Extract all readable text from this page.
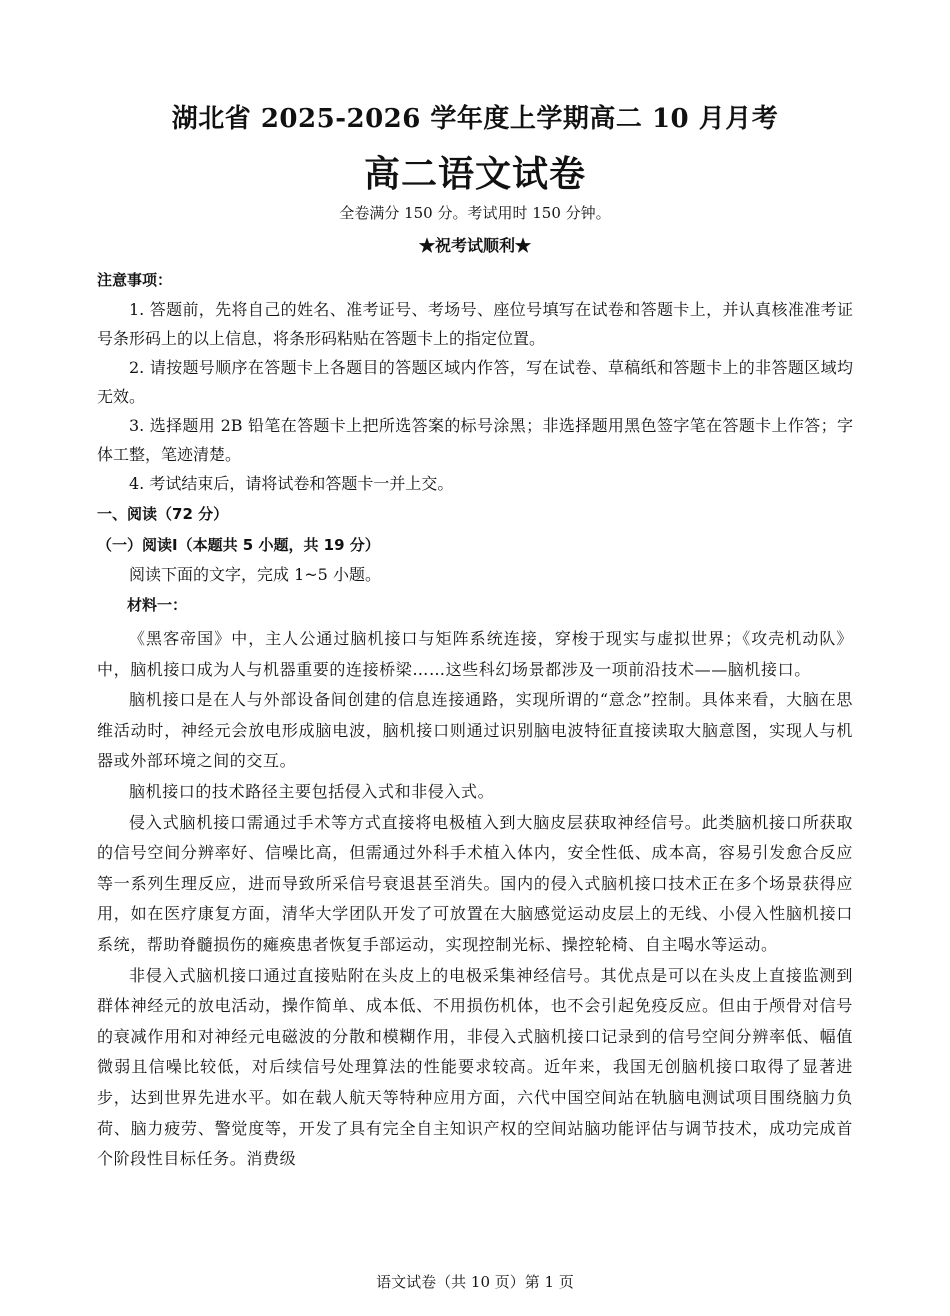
湖北省 2025-2026 学年度上学期高二 10 月月考
高二语文试卷
全卷满分 150 分。考试用时 150 分钟。
★祝考试顺利★

注意事项：

1. 答题前，先将自己的姓名、准考证号、考场号、座位号填写在试卷和答题卡上，并认真核准准考证号条形码上的以上信息，将条形码粘贴在答题卡上的指定位置。

2. 请按题号顺序在答题卡上各题目的答题区域内作答，写在试卷、草稿纸和答题卡上的非答题区域均无效。

3. 选择题用 2B 铅笔在答题卡上把所选答案的标号涂黑；非选择题用黑色签字笔在答题卡上作答；字体工整，笔迹清楚。

4. 考试结束后，请将试卷和答题卡一并上交。

一、阅读（72 分）

（一）阅读Ⅰ（本题共 5 小题，共 19 分）

阅读下面的文字，完成 1~5 小题。

材料一：

《黑客帝国》中，主人公通过脑机接口与矩阵系统连接，穿梭于现实与虚拟世界；《攻壳机动队》中，脑机接口成为人与机器重要的连接桥梁……这些科幻场景都涉及一项前沿技术——脑机接口。

脑机接口是在人与外部设备间创建的信息连接通路，实现所谓的“意念”控制。具体来看，大脑在思维活动时，神经元会放电形成脑电波，脑机接口则通过识别脑电波特征直接读取大脑意图，实现人与机器或外部环境之间的交互。

脑机接口的技术路径主要包括侵入式和非侵入式。

侵入式脑机接口需通过手术等方式直接将电极植入到大脑皮层获取神经信号。此类脑机接口所获取的信号空间分辨率好、信噪比高，但需通过外科手术植入体内，安全性低、成本高，容易引发愈合反应等一系列生理反应，进而导致所采信号衰退甚至消失。国内的侵入式脑机接口技术正在多个场景获得应用，如在医疗康复方面，清华大学团队开发了可放置在大脑感觉运动皮层上的无线、小侵入性脑机接口系统，帮助脊髓损伤的瘫痪患者恢复手部运动，实现控制光标、操控轮椅、自主喝水等运动。

非侵入式脑机接口通过直接贴附在头皮上的电极采集神经信号。其优点是可以在头皮上直接监测到群体神经元的放电活动，操作简单、成本低、不用损伤机体，也不会引起免疫反应。但由于颅骨对信号的衰减作用和对神经元电磁波的分散和模糊作用，非侵入式脑机接口记录到的信号空间分辨率低、幅值微弱且信噪比较低，对后续信号处理算法的性能要求较高。近年来，我国无创脑机接口取得了显著进步，达到世界先进水平。如在载人航天等特种应用方面，六代中国空间站在轨脑电测试项目围绕脑力负荷、脑力疲劳、警觉度等，开发了具有完全自主知识产权的空间站脑功能评估与调节技术，成功完成首个阶段性目标任务。消费级

语文试卷（共 10 页）第 1 页
